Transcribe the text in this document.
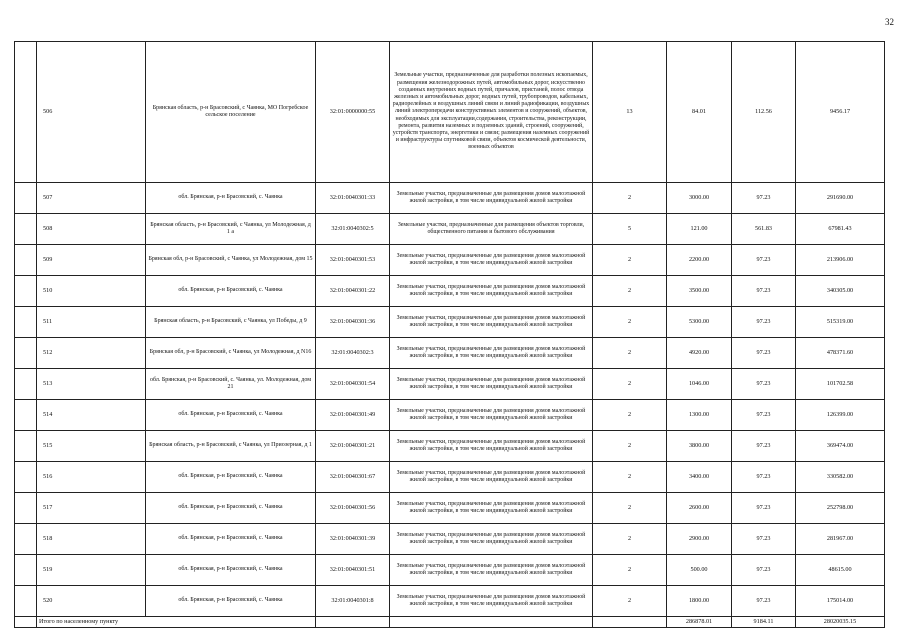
32
	506	Брянская область, р-н Брасовский, с Чаянка, МО Погребское сельское поселение	32:01:0000000:55	Земельные участки, предназначенные для разработки полезных ископаемых, размещения железнодорожных путей, автомобильных дорог, искусственно созданных внутренних водных путей, причалов, пристаней, полос отвода железных и автомобильных дорог, водных путей, трубопроводов, кабельных, радиорелейных и воздушных линий связи и линий радиофикации, воздушных линий электропередачи конструктивных элементов и сооружений, объектов, необходимых для эксплуатации,содержания, строительства, реконструкции, ремонта, развития наземных и подземных зданий, строений, сооружений, устройств транспорта, энергетики и связи; размещения наземных сооружений и инфраструктуры спутниковой связи, объектов космической деятельности, военных объектов	13	84.01	112.56	9456.17
	507	обл. Брянская, р-н Брасовский, с. Чаянка	32:01:0040301:33	Земельные участки, предназначенные для размещения домов малоэтажной жилой застройки, в том числе индивидуальной жилой застройки	2	3000.00	97.23	291690.00
	508	Брянская область, р-н Брасовский, с Чаянка, ул Молодежная, д 1 а	32:01:0040302:5	Земельные участки, предназначенные для размещения объектов торговли, общественного питания и бытового обслуживания	5	121.00	561.83	67981.43
	509	Брянская обл, р-н Брасовский, с Чаянка, ул Молодежная, дом 15	32:01:0040301:53	Земельные участки, предназначенные для размещения домов малоэтажной жилой застройки, в том числе индивидуальной жилой застройки	2	2200.00	97.23	213906.00
	510	обл. Брянская, р-н Брасовский, с. Чаянка	32:01:0040301:22	Земельные участки, предназначенные для размещения домов малоэтажной жилой застройки, в том числе индивидуальной жилой застройки	2	3500.00	97.23	340305.00
	511	Брянская область, р-н Брасовский, с Чаянка, ул Победы, д 9	32:01:0040301:36	Земельные участки, предназначенные для размещения домов малоэтажной жилой застройки, в том числе индивидуальной жилой застройки	2	5300.00	97.23	515319.00
	512	Брянская обл, р-н Брасовский, с Чаянка, ул Молодежная, д N16	32:01:0040302:3	Земельные участки, предназначенные для размещения домов малоэтажной жилой застройки, в том числе индивидуальной жилой застройки	2	4920.00	97.23	478371.60
	513	обл. Брянская, р-н Брасовский, с. Чаянка, ул. Молодежная, дом 21	32:01:0040301:54	Земельные участки, предназначенные для размещения домов малоэтажной жилой застройки, в том числе индивидуальной жилой застройки	2	1046.00	97.23	101702.58
	514	обл. Брянская, р-н Брасовский, с. Чаянка	32:01:0040301:49	Земельные участки, предназначенные для размещения домов малоэтажной жилой застройки, в том числе индивидуальной жилой застройки	2	1300.00	97.23	126399.00
	515	Брянская область, р-н Брасовский, с Чаянка, ул Приозерная, д 1	32:01:0040301:21	Земельные участки, предназначенные для размещения домов малоэтажной жилой застройки, в том числе индивидуальной жилой застройки	2	3800.00	97.23	369474.00
	516	обл. Брянская, р-н Брасовский, с. Чаянка	32:01:0040301:67	Земельные участки, предназначенные для размещения домов малоэтажной жилой застройки, в том числе индивидуальной жилой застройки	2	3400.00	97.23	330582.00
	517	обл. Брянская, р-н Брасовский, с. Чаянка	32:01:0040301:56	Земельные участки, предназначенные для размещения домов малоэтажной жилой застройки, в том числе индивидуальной жилой застройки	2	2600.00	97.23	252798.00
	518	обл. Брянская, р-н Брасовский, с. Чаянка	32:01:0040301:39	Земельные участки, предназначенные для размещения домов малоэтажной жилой застройки, в том числе индивидуальной жилой застройки	2	2900.00	97.23	281967.00
	519	обл. Брянская, р-н Брасовский, с. Чаянка	32:01:0040301:51	Земельные участки, предназначенные для размещения домов малоэтажной жилой застройки, в том числе индивидуальной жилой застройки	2	500.00	97.23	48615.00
	520	обл. Брянская, р-н Брасовский, с. Чаянка	32:01:0040301:8	Земельные участки, предназначенные для размещения домов малоэтажной жилой застройки, в том числе индивидуальной жилой застройки	2	1800.00	97.23	175014.00
	Итого по населенному пункту					286878.01	9184.11	28020035.15
